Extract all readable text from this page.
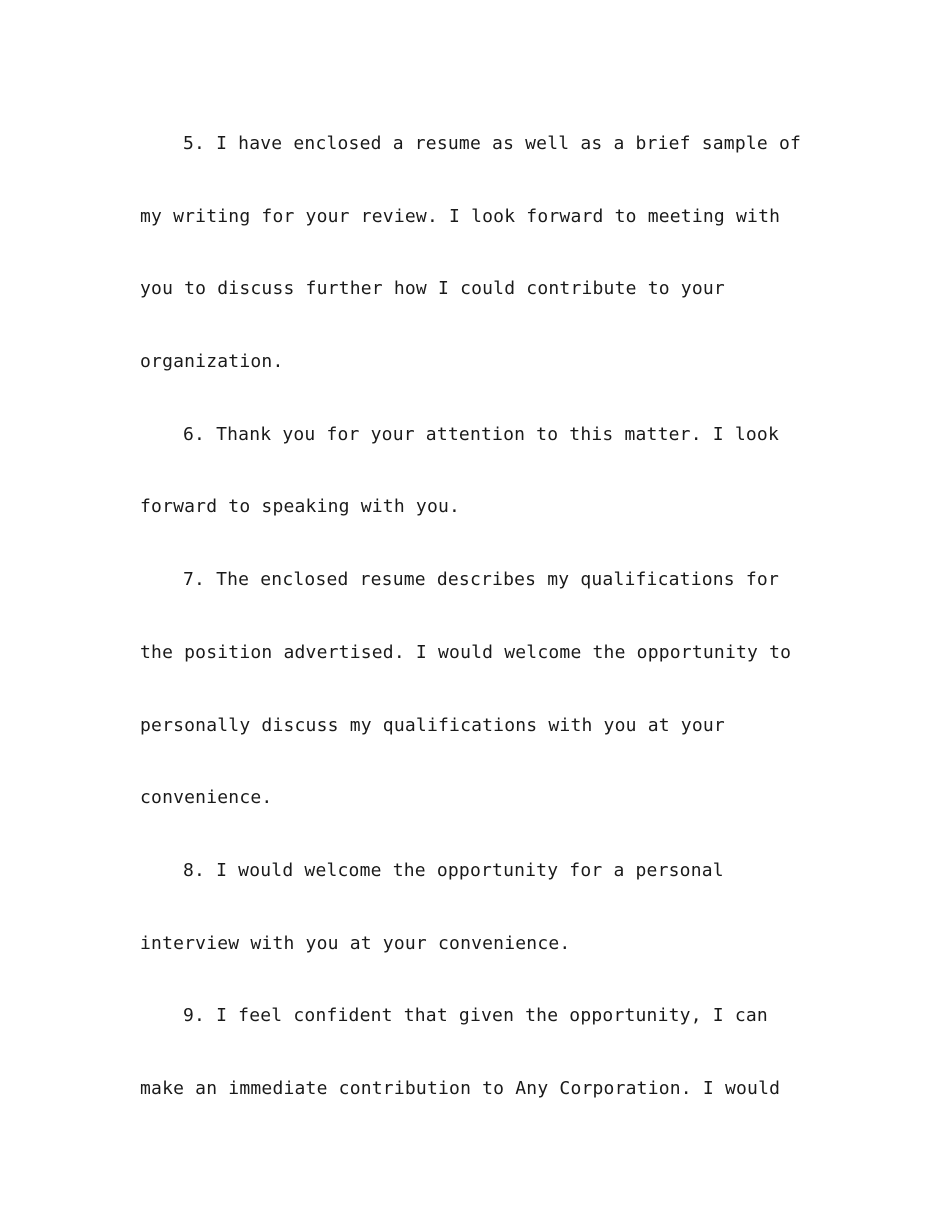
5. I have enclosed a resume as well as a brief sample of
my writing for your review. I look forward to meeting with
you to discuss further how I could contribute to your
organization.
6. Thank you for your attention to this matter. I look
forward to speaking with you.
7. The enclosed resume describes my qualifications for
the position advertised. I would welcome the opportunity to
personally discuss my qualifications with you at your
convenience.
8. I would welcome the opportunity for a personal
interview with you at your convenience.
9. I feel confident that given the opportunity, I can
make an immediate contribution to Any Corporation. I would
